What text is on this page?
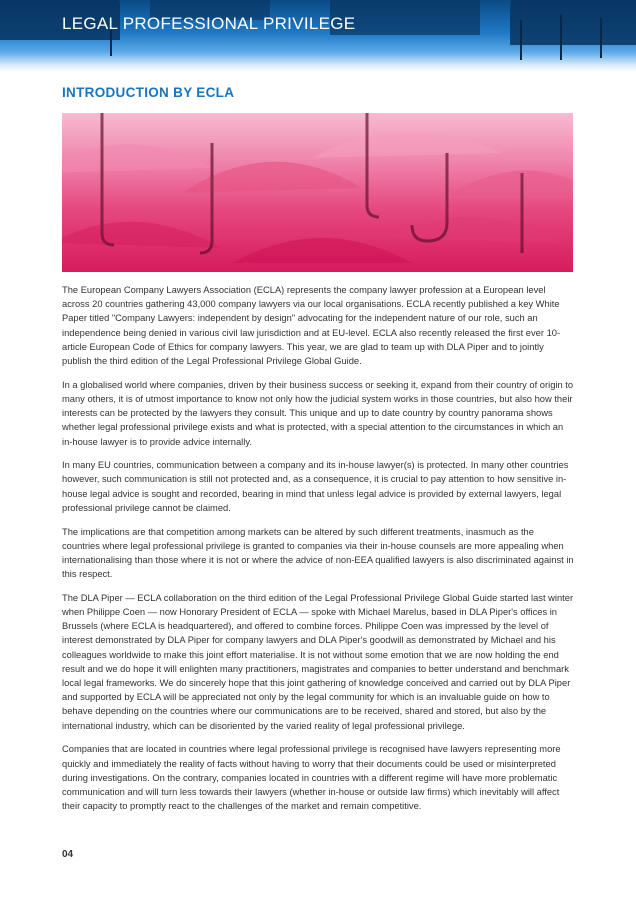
LEGAL PROFESSIONAL PRIVILEGE
INTRODUCTION BY ECLA

The European Company Lawyers Association (ECLA) represents the company lawyer profession at a European level across 20 countries gathering 43,000 company lawyers via our local organisations. ECLA recently published a key White Paper titled "Company Lawyers: independent by design" advocating for the independent nature of our role, such an independence being denied in various civil law jurisdiction and at EU-level. ECLA also recently released the first ever 10-article European Code of Ethics for company lawyers. This year, we are glad to team up with DLA Piper and to jointly publish the third edition of the Legal Professional Privilege Global Guide.

In a globalised world where companies, driven by their business success or seeking it, expand from their country of origin to many others, it is of utmost importance to know not only how the judicial system works in those countries, but also how their interests can be protected by the lawyers they consult. This unique and up to date country by country panorama shows whether legal professional privilege exists and what is protected, with a special attention to the circumstances in which an in-house lawyer is to provide advice internally.

In many EU countries, communication between a company and its in-house lawyer(s) is protected. In many other countries however, such communication is still not protected and, as a consequence, it is crucial to pay attention to how sensitive in-house legal advice is sought and recorded, bearing in mind that unless legal advice is provided by external lawyers, legal professional privilege cannot be claimed.

The implications are that competition among markets can be altered by such different treatments, inasmuch as the countries where legal professional privilege is granted to companies via their in-house counsels are more appealing when internationalising than those where it is not or where the advice of non-EEA qualified lawyers is also discriminated against in this respect.

The DLA Piper — ECLA collaboration on the third edition of the Legal Professional Privilege Global Guide started last winter when Philippe Coen — now Honorary President of ECLA — spoke with Michael Marelus, based in DLA Piper's offices in Brussels (where ECLA is headquartered), and offered to combine forces. Philippe Coen was impressed by the level of interest demonstrated by DLA Piper for company lawyers and DLA Piper's goodwill as demonstrated by Michael and his colleagues worldwide to make this joint effort materialise. It is not without some emotion that we are now holding the end result and we do hope it will enlighten many practitioners, magistrates and companies to better understand and benchmark local legal frameworks. We do sincerely hope that this joint gathering of knowledge conceived and carried out by DLA Piper and supported by ECLA will be appreciated not only by the legal community for which is an invaluable guide on how to behave depending on the countries where our communications are to be received, shared and stored, but also by the international industry, which can be disoriented by the varied reality of legal professional privilege.

Companies that are located in countries where legal professional privilege is recognised have lawyers representing more quickly and immediately the reality of facts without having to worry that their documents could be used or misinterpreted during investigations. On the contrary, companies located in countries with a different regime will have more problematic communication and will turn less towards their lawyers (whether in-house or outside law firms) which inevitably will affect their capacity to promptly react to the challenges of the market and remain competitive.

04
